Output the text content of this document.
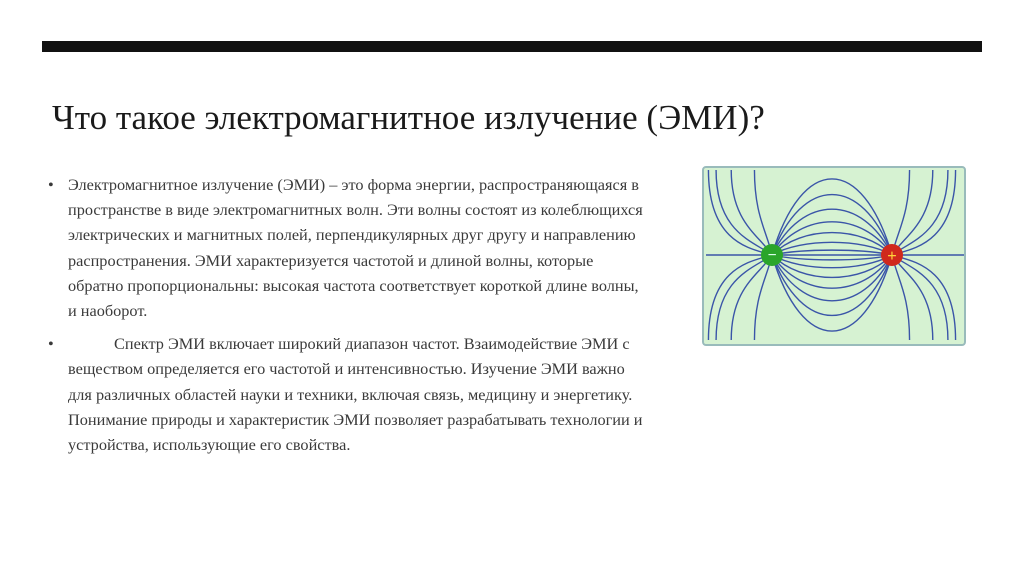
Что такое электромагнитное излучение (ЭМИ)?
• Электромагнитное излучение (ЭМИ) – это форма энергии, распространяющаяся в пространстве в виде электромагнитных волн. Эти волны состоят из колеблющихся электрических и магнитных полей, перпендикулярных друг другу и направлению распространения. ЭМИ характеризуется частотой и длиной волны, которые обратно пропорциональны: высокая частота соответствует короткой длине волны, и наоборот.
•	Спектр ЭМИ включает широкий диапазон частот. Взаимодействие ЭМИ с веществом определяется его частотой и интенсивностью. Изучение ЭМИ важно для различных областей науки и техники, включая связь, медицину и энергетику. Понимание природы и характеристик ЭМИ позволяет разрабатывать технологии и устройства, использующие его свойства.
−	+
